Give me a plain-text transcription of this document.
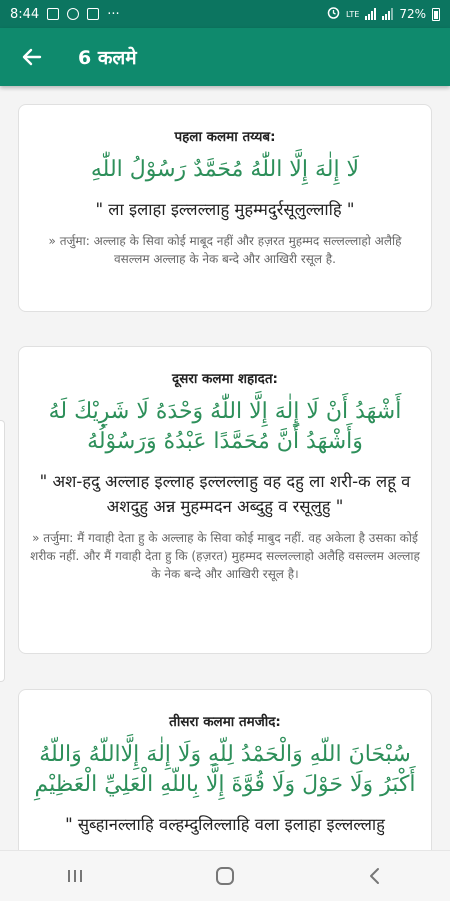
8:44	···	LTE	72%
6 कलमे
पहला कलमा तय्यब:
لَا إِلٰهَ إِلَّا اللّٰهُ مُحَمَّدٌ رَسُوْلُ اللّٰهِ
" ला इलाहा इल्लल्लाहु मुहम्मदुर्रसूलुल्लाहि "
» तर्जुमा: अल्लाह के सिवा कोई माबूद नहीं और हज़रत मुहम्मद सल्लल्लाहो अलैहि वसल्लम अल्लाह के नेक बन्दे और आखिरी रसूल है.
दूसरा कलमा शहादत:
أَشْهَدُ أَنْ لَا إِلٰهَ إِلَّا اللّٰهُ وَحْدَهُ لَا شَرِيْكَ لَهُ وَأَشْهَدُ أَنَّ مُحَمَّدًا عَبْدُهُ وَرَسُوْلُهُ
" अश-हदु अल्लाह इल्लाह इल्लल्लाहु वह दहु ला शरी-क लहू व अशदुहु अन्न मुहम्मदन अब्दुहु व रसूलुहु "
» तर्जुमा: मैं गवाही देता हु के अल्लाह के सिवा कोई माबुद नहीं. वह अकेला है उसका कोई शरीक नहीं. और मैं गवाही देता हु कि (हज़रत) मुहम्मद सल्लल्लाहो अलैहि वसल्लम अल्लाह के नेक बन्दे और आखिरी रसूल है।
तीसरा कलमा तमजीद:
سُبْحَانَ اللّهِ وَالْحَمْدُ لِلّهِ وَلَا إِلٰهَ إِلَّااللّهُ وَاللّهُ أَكْبَرُ وَلَا حَوْلَ وَلَا قُوَّةَ إِلَّا بِاللّهِ الْعَلِيِّ الْعَظِيْمِ
" सुब्हानल्लाहि वल्हम्दुलिल्लाहि वला इलाहा इल्लल्लाहु
